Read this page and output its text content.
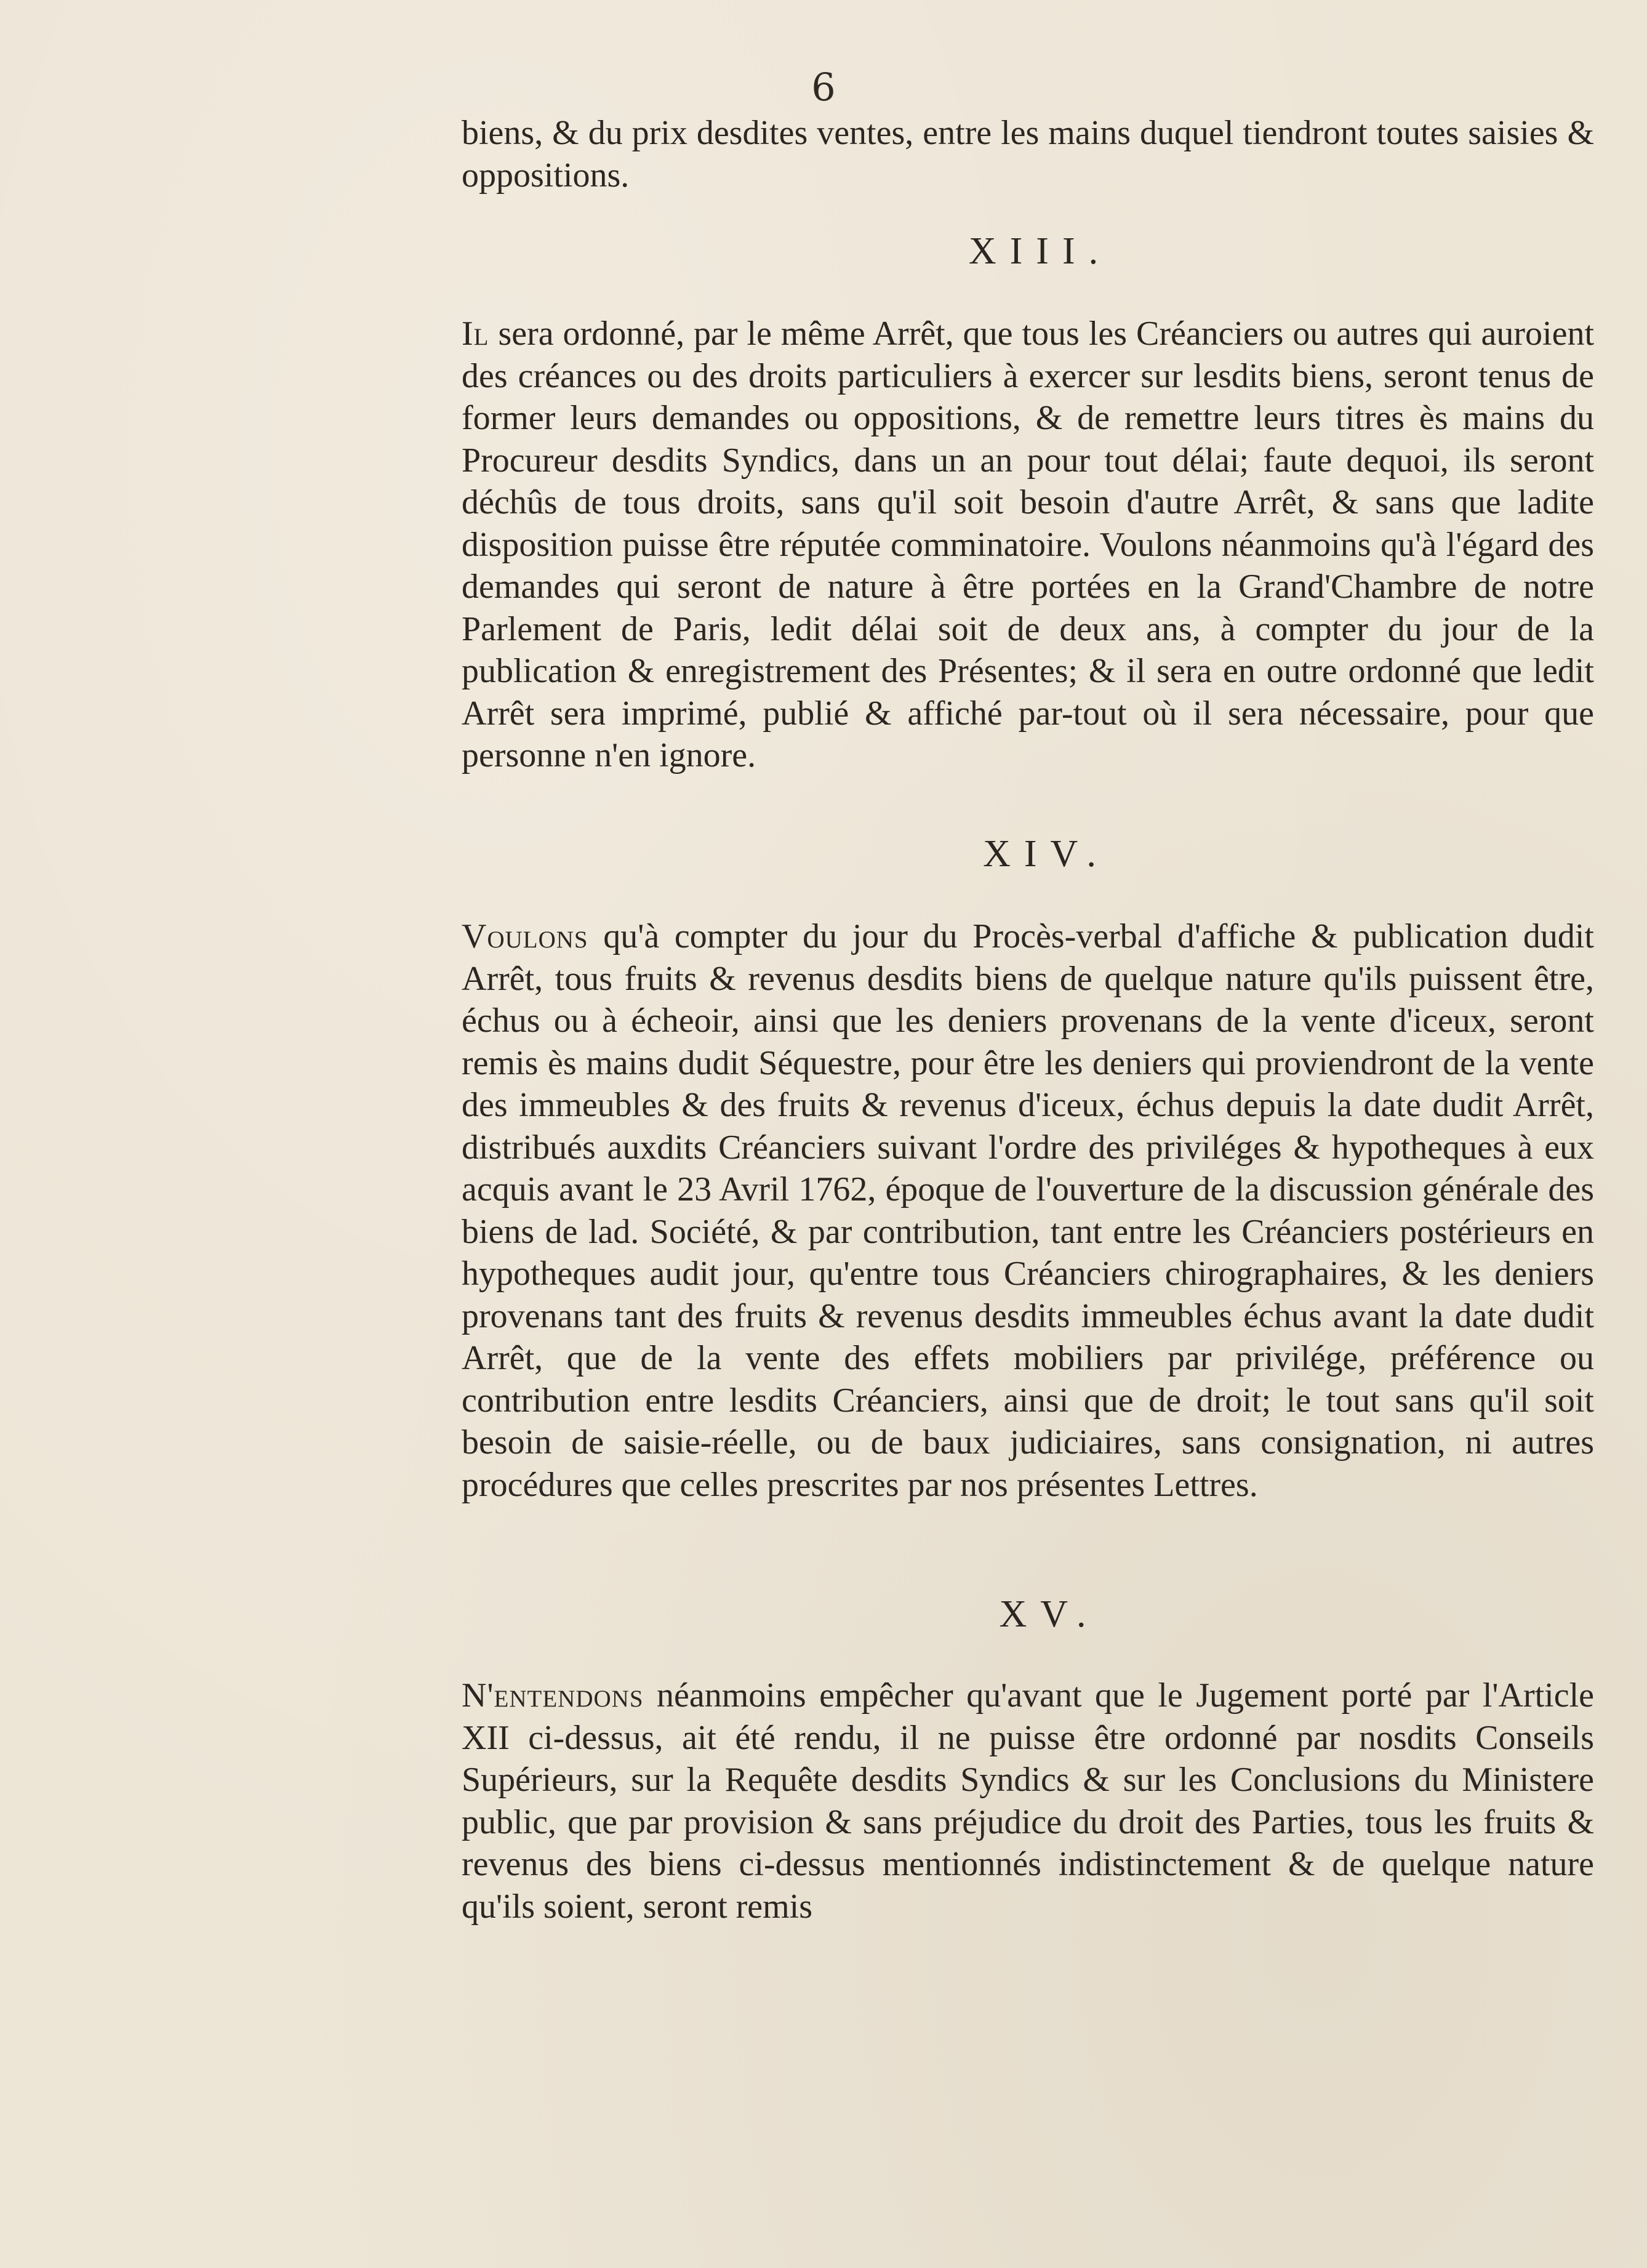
6

biens, & du prix desdites ventes, entre les mains duquel tiendront toutes saisies & oppositions.

XIII.

Il sera ordonné, par le même Arrêt, que tous les Créanciers ou autres qui auroient des créances ou des droits particuliers à exercer sur lesdits biens, seront tenus de former leurs demandes ou oppositions, & de remettre leurs titres ès mains du Procureur desdits Syndics, dans un an pour tout délai; faute dequoi, ils seront déchûs de tous droits, sans qu'il soit besoin d'autre Arrêt, & sans que ladite disposition puisse être réputée comminatoire. Voulons néanmoins qu'à l'égard des demandes qui seront de nature à être portées en la Grand'Chambre de notre Parlement de Paris, ledit délai soit de deux ans, à compter du jour de la publication & enregistrement des Présentes; & il sera en outre ordonné que ledit Arrêt sera imprimé, publié & affiché par-tout où il sera nécessaire, pour que personne n'en ignore.

XIV.

Voulons qu'à compter du jour du Procès-verbal d'affiche & publication dudit Arrêt, tous fruits & revenus desdits biens de quelque nature qu'ils puissent être, échus ou à écheoir, ainsi que les deniers provenans de la vente d'iceux, seront remis ès mains dudit Séquestre, pour être les deniers qui proviendront de la vente des immeubles & des fruits & revenus d'iceux, échus depuis la date dudit Arrêt, distribués auxdits Créanciers suivant l'ordre des priviléges & hypotheques à eux acquis avant le 23 Avril 1762, époque de l'ouverture de la discussion générale des biens de lad. Société, & par contribution, tant entre les Créanciers postérieurs en hypotheques audit jour, qu'entre tous Créanciers chirographaires, & les deniers provenans tant des fruits & revenus desdits immeubles échus avant la date dudit Arrêt, que de la vente des effets mobiliers par privilége, préférence ou contribution entre lesdits Créanciers, ainsi que de droit; le tout sans qu'il soit besoin de saisie-réelle, ou de baux judiciaires, sans consignation, ni autres procédures que celles prescrites par nos présentes Lettres.

XV.

N'entendons néanmoins empêcher qu'avant que le Jugement porté par l'Article XII ci-dessus, ait été rendu, il ne puisse être ordonné par nosdits Conseils Supérieurs, sur la Requête desdits Syndics & sur les Conclusions du Ministere public, que par provision & sans préjudice du droit des Parties, tous les fruits & revenus des biens ci-dessus mentionnés indistinctement & de quelque nature qu'ils soient, seront remis
